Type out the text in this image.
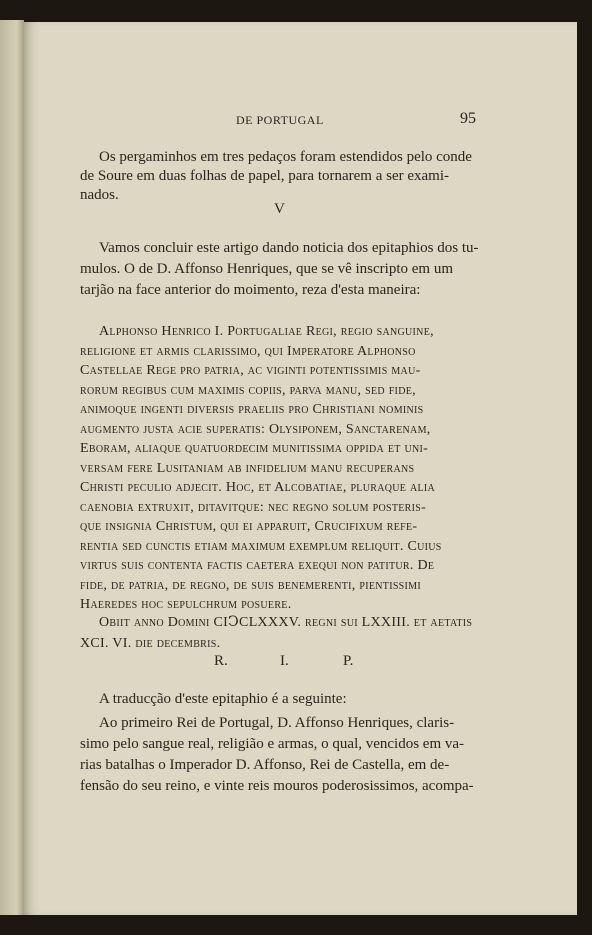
DE PORTUGAL	95
Os pergaminhos em tres pedaços foram estendidos pelo conde
de Soure em duas folhas de papel, para tornarem a ser exami-
nados.
V
Vamos concluir este artigo dando noticia dos epitaphios dos tu-
mulos. O de D. Affonso Henriques, que se vê inscripto em um
tarjão na face anterior do moimento, reza d'esta maneira:
Alphonso Henrico I. Portugaliae Regi, regio sanguine,
religione et armis clarissimo, qui Imperatore Alphonso
Castellae Rege pro patria, ac viginti potentissimis mau-
rorum regibus cum maximis copiis, parva manu, sed fide,
animoque ingenti diversis praeliis pro Christiani nominis
augmento justa acie superatis: Olysiponem, Sanctarenam,
Eboram, aliaque quatuordecim munitissima oppida et uni-
versam fere Lusitaniam ab infidelium manu recuperans
Christi peculio adjecit. Hoc, et Alcobatiae, pluraque alia
caenobia extruxit, ditavitque: nec regno solum posteris-
que insignia Christum, qui ei apparuit, Crucifixum refe-
rentia sed cunctis etiam maximum exemplum reliquit. Cuius
virtus suis contenta factis caetera exequi non patitur. De
fide, de patria, de regno, de suis benemerenti, pientissimi
Haeredes hoc sepulchrum posuere.
Obiit anno Domini CIↃCLXXXV. regni sui LXXIII. et aetatis
XCI. VI. die decembris.
R.	I.	P.
A traducção d'este epitaphio é a seguinte:
Ao primeiro Rei de Portugal, D. Affonso Henriques, claris-
simo pelo sangue real, religião e armas, o qual, vencidos em va-
rias batalhas o Imperador D. Affonso, Rei de Castella, em de-
fensão do seu reino, e vinte reis mouros poderosissimos, acompa-
